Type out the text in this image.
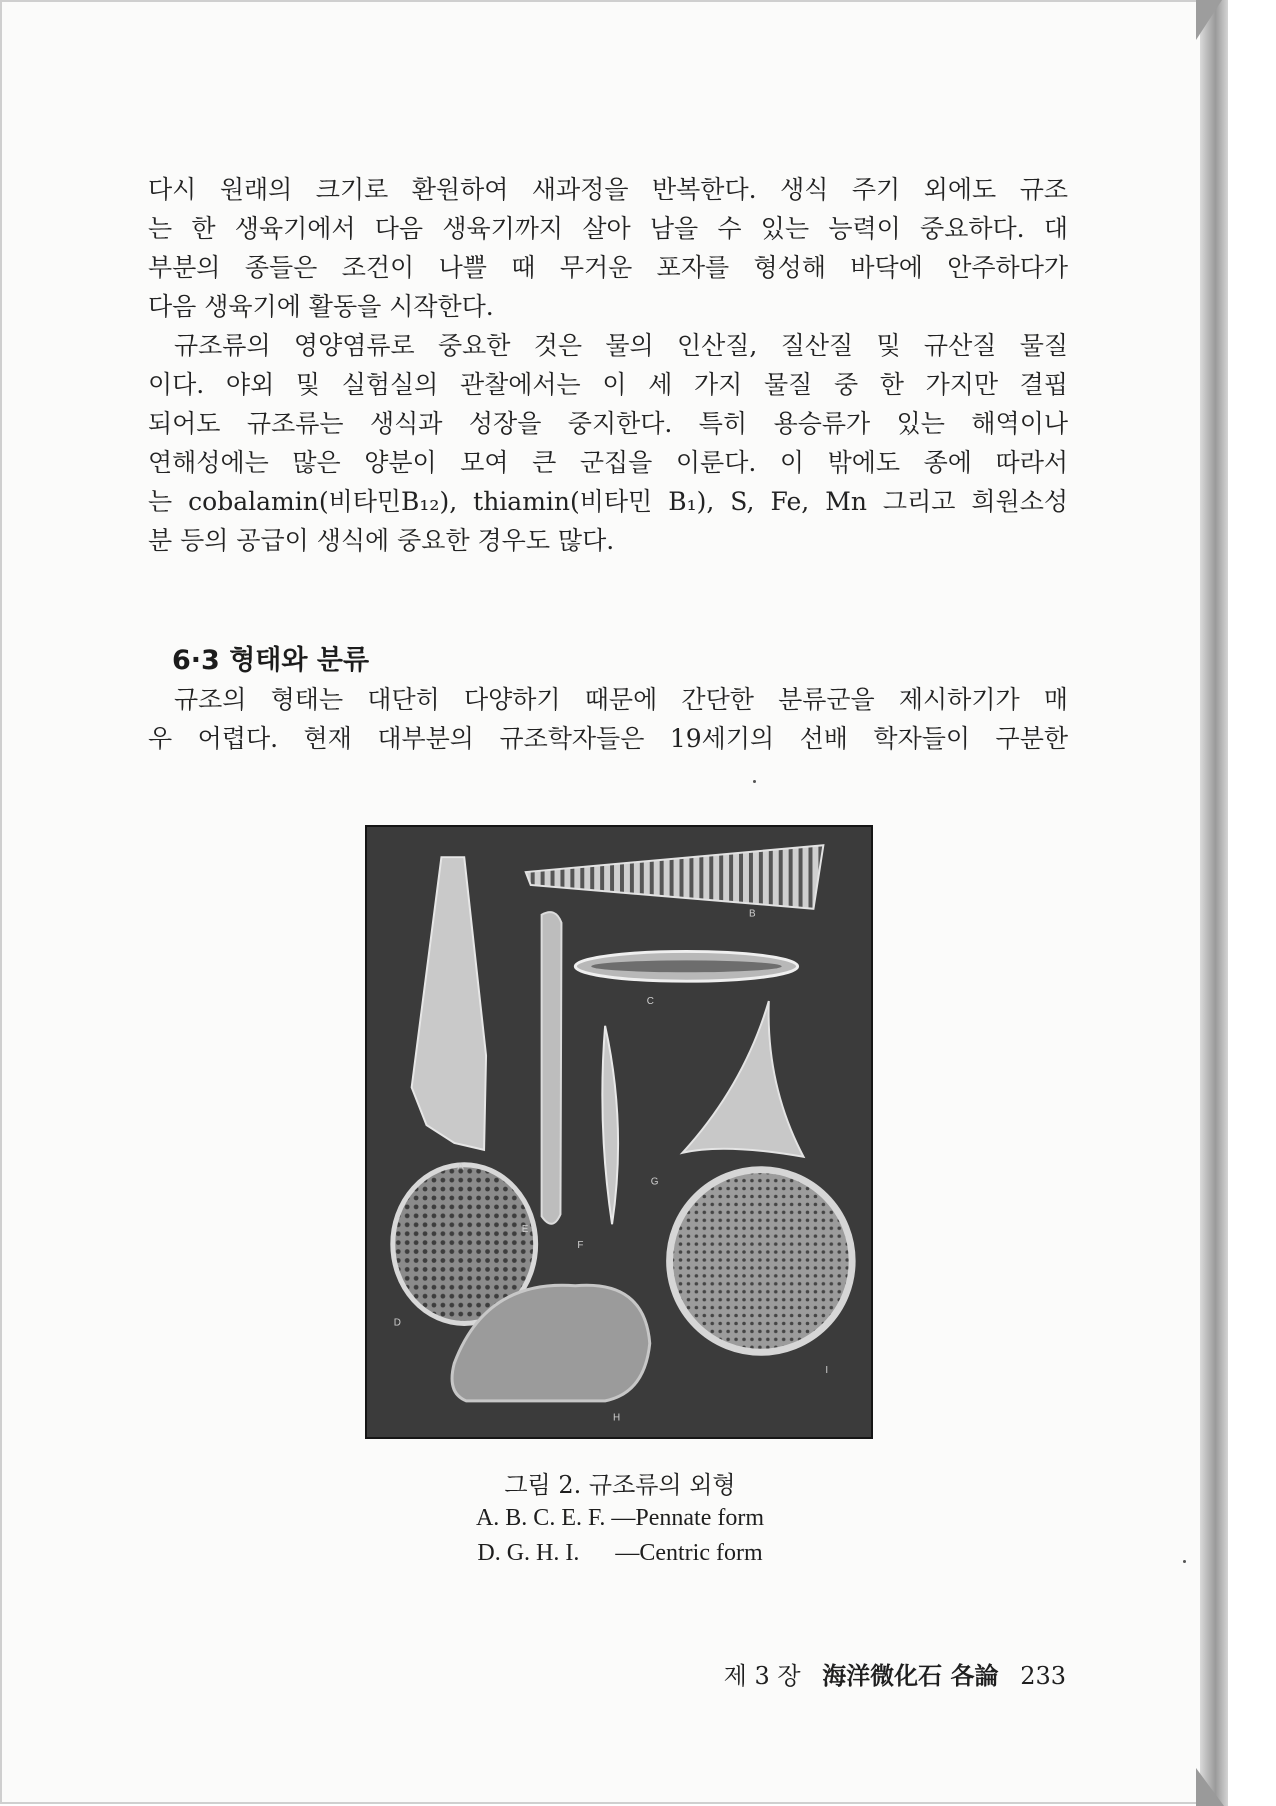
다시 원래의 크기로 환원하여 새과정을 반복한다. 생식 주기 외에도 규조
는 한 생육기에서 다음 생육기까지 살아 남을 수 있는 능력이 중요하다. 대
부분의 종들은 조건이 나쁠 때 무거운 포자를 형성해 바닥에 안주하다가
다음 생육기에 활동을 시작한다.
규조류의 영양염류로 중요한 것은 물의 인산질, 질산질 및 규산질 물질
이다. 야외 및 실험실의 관찰에서는 이 세 가지 물질 중 한 가지만 결핍
되어도 규조류는 생식과 성장을 중지한다. 특히 용승류가 있는 해역이나
연해성에는 많은 양분이 모여 큰 군집을 이룬다. 이 밖에도 종에 따라서
는 cobalamin(비타민B₁₂), thiamin(비타민 B₁), S, Fe, Mn 그리고 희원소성
분 등의 공급이 생식에 중요한 경우도 많다.
6·3 형태와 분류
규조의 형태는 대단히 다양하기 때문에 간단한 분류군을 제시하기가 매
우 어렵다. 현재 대부분의 규조학자들은 19세기의 선배 학자들이 구분한
A
B
C
D
E
F
G
H
I
그림 2. 규조류의 외형
A. B. C. E. F. —Pennate form
D. G. H. I.      —Centric form
제 3 장 海洋微化石 各論 233
